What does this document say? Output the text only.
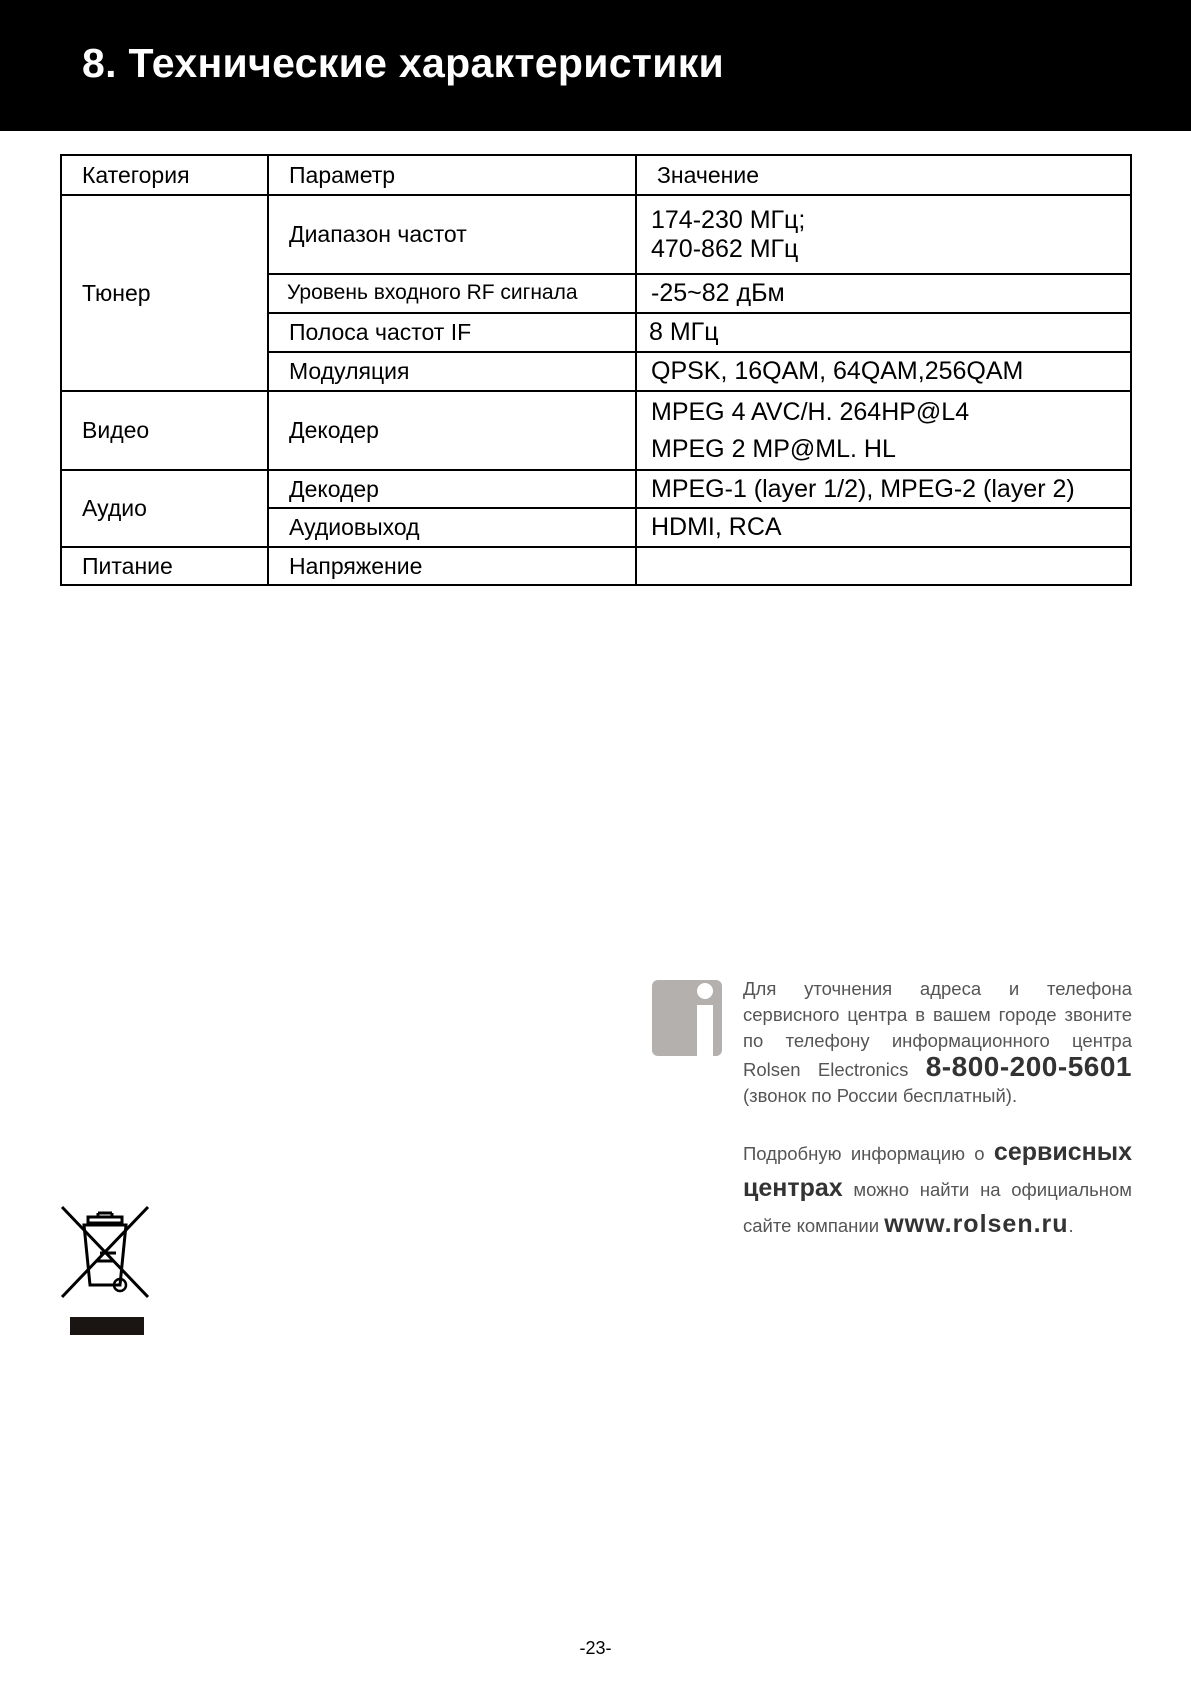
8. Технические характеристики
Категория	Параметр	Значение
Тюнер	Диапазон частот	174-230 МГц;
470-862 МГц

	Уровень входного RF сигнала	-25~82 дБм
	Полоса частот IF	8 МГц
	Модуляция	QPSK, 16QAM, 64QAM,256QAM
Видео	Декодер	MPEG 4 AVC/H. 264HP@L4
MPEG 2 MP@ML. HL

Аудио	Декодер	MPEG-1 (layer 1/2), MPEG-2 (layer 2)
	Аудиовыход	HDMI, RCA
Питание	Напряжение	

Для уточнения адреса и телефона сервисного центра в вашем городе звоните по телефону информационного центра Rolsen Electronics 8-800-200-5601 (звонок по России бесплатный).

Подробную информацию о сервисных центрах можно найти на официальном сайте компании www.rolsen.ru.

-23-
